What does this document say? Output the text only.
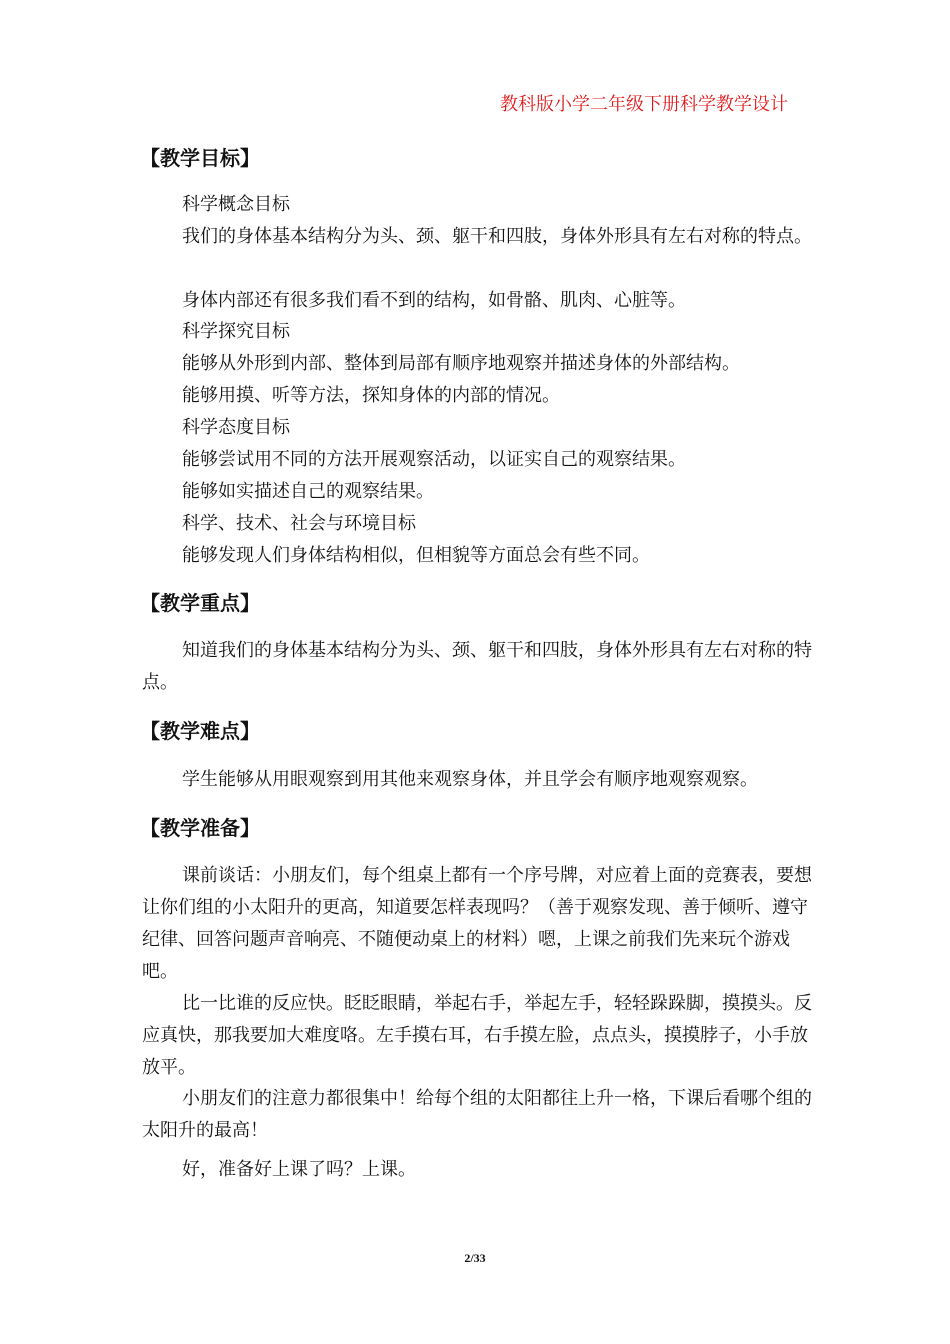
教科版小学二年级下册科学教学设计
【教学目标】

科学概念目标

我们的身体基本结构分为头、颈、躯干和四肢，身体外形具有左右对称的特点。

身体内部还有很多我们看不到的结构，如骨骼、肌肉、心脏等。

科学探究目标

能够从外形到内部、整体到局部有顺序地观察并描述身体的外部结构。

能够用摸、听等方法，探知身体的内部的情况。

科学态度目标

能够尝试用不同的方法开展观察活动，以证实自己的观察结果。

能够如实描述自己的观察结果。

科学、技术、社会与环境目标

能够发现人们身体结构相似，但相貌等方面总会有些不同。

【教学重点】

知道我们的身体基本结构分为头、颈、躯干和四肢，身体外形具有左右对称的特点。

【教学难点】

学生能够从用眼观察到用其他来观察身体，并且学会有顺序地观察观察。

【教学准备】

课前谈话：小朋友们，每个组桌上都有一个序号牌，对应着上面的竞赛表，要想让你们组的小太阳升的更高，知道要怎样表现吗？（善于观察发现、善于倾听、遵守纪律、回答问题声音响亮、不随便动桌上的材料）嗯，上课之前我们先来玩个游戏吧。

比一比谁的反应快。眨眨眼睛，举起右手，举起左手，轻轻跺跺脚，摸摸头。反应真快，那我要加大难度咯。左手摸右耳，右手摸左脸，点点头，摸摸脖子，小手放放平。

小朋友们的注意力都很集中！给每个组的太阳都往上升一格，下课后看哪个组的太阳升的最高！

好，准备好上课了吗？上课。

2/33
